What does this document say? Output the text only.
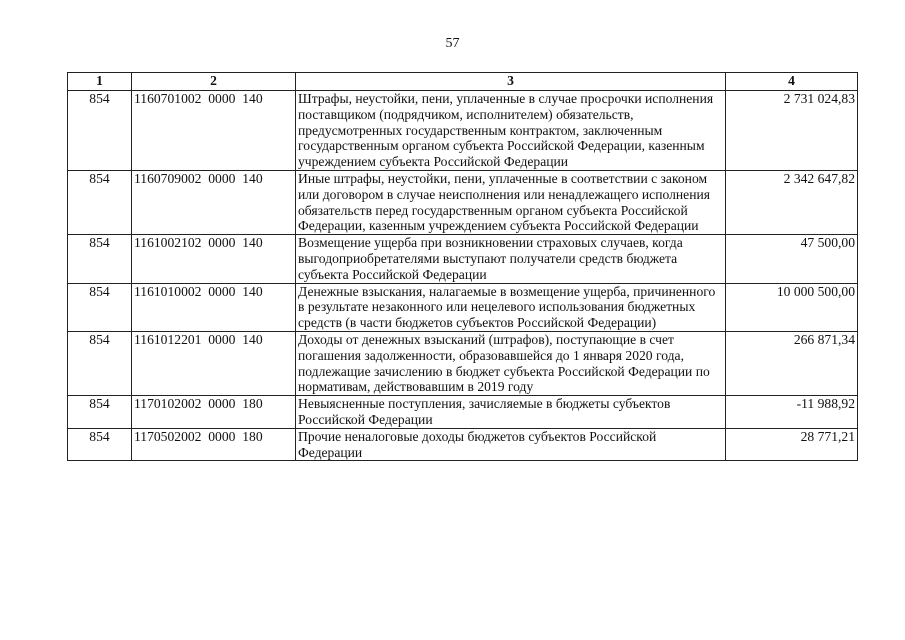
57
1	2	3	4
854	1160701002  0000  140	Штрафы, неустойки, пени, уплаченные в случае просрочки исполнения поставщиком (подрядчиком, исполнителем) обязательств, предусмотренных государственным контрактом, заключенным государственным органом субъекта Российской Федерации, казенным учреждением субъекта Российской Федерации	2 731 024,83
854	1160709002  0000  140	Иные штрафы, неустойки, пени, уплаченные в соответствии с законом или договором в случае неисполнения или ненадлежащего исполнения обязательств перед государственным органом субъекта Российской Федерации, казенным учреждением субъекта Российской Федерации	2 342 647,82
854	1161002102  0000  140	Возмещение ущерба при возникновении страховых случаев, когда выгодоприобретателями выступают получатели средств бюджета субъекта Российской Федерации	47 500,00
854	1161010002  0000  140	Денежные взыскания, налагаемые в возмещение ущерба, причиненного в результате незаконного или нецелевого использования бюджетных средств (в части бюджетов субъектов Российской Федерации)	10 000 500,00
854	1161012201  0000  140	Доходы от денежных взысканий (штрафов), поступающие в счет погашения задолженности, образовавшейся до 1 января 2020 года, подлежащие зачислению в бюджет субъекта Российской Федерации по нормативам, действовавшим в 2019 году	266 871,34
854	1170102002  0000  180	Невыясненные поступления, зачисляемые в бюджеты субъектов Российской Федерации	-11 988,92
854	1170502002  0000  180	Прочие неналоговые доходы бюджетов субъектов Российской Федерации	28 771,21
